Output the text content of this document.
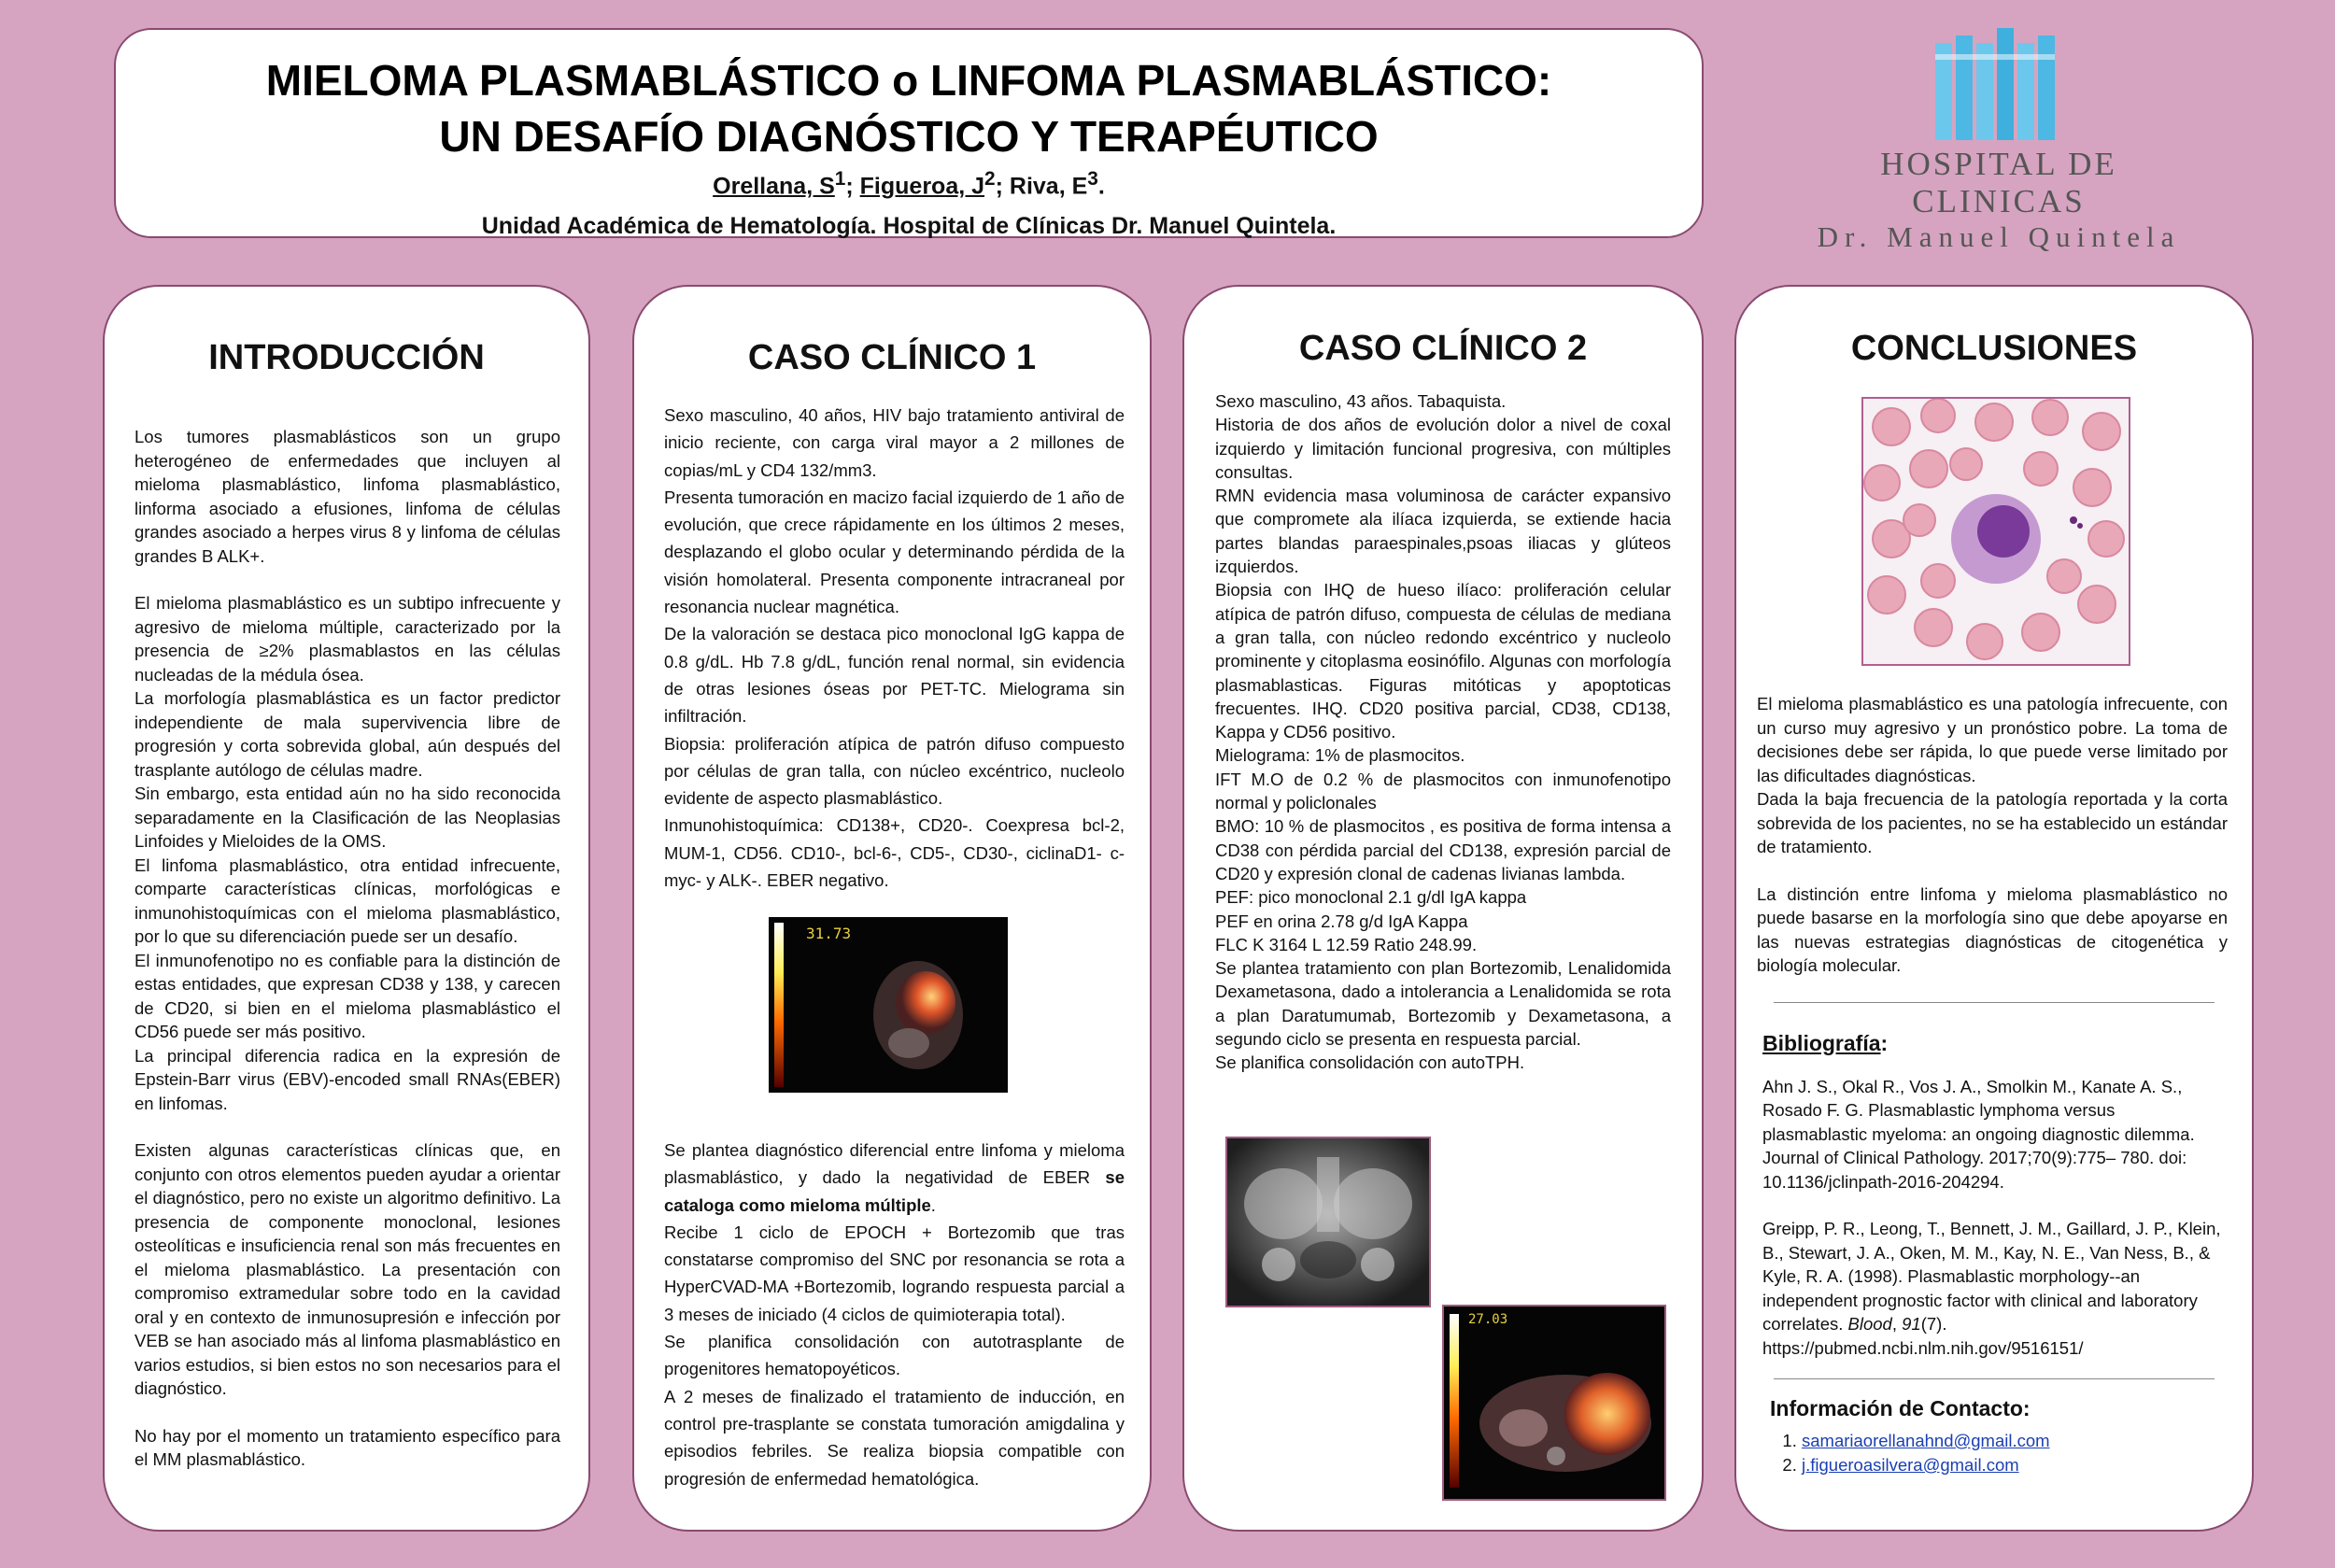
MIELOMA PLASMABLÁSTICO o LINFOMA PLASMABLÁSTICO:
UN DESAFÍO DIAGNÓSTICO Y TERAPÉUTICO
Orellana, $S^1$; Figueroa, $J^2$; Riva, $E^3$.
Unidad Académica de Hematología. Hospital de Clínicas Dr. Manuel Quintela.
HOSPITAL DE CLINICAS
Dr. Manuel Quintela
INTRODUCCIÓN

Los tumores plasmablásticos son un grupo heterogéneo de enfermedades que incluyen al mieloma plasmablástico, linfoma plasmablástico, linforma asociado a efusiones, linfoma de células grandes asociado a herpes virus 8 y linfoma de células grandes B ALK+.

El mieloma plasmablástico es un subtipo infrecuente y agresivo de mieloma múltiple, caracterizado por la presencia de ≥2% plasmablastos en las células nucleadas de la médula ósea.

La morfología plasmablástica es un factor predictor independiente de mala supervivencia libre de progresión y corta sobrevida global, aún después del trasplante autólogo de células madre.

Sin embargo, esta entidad aún no ha sido reconocida separadamente en la Clasificación de las Neoplasias Linfoides y Mieloides de la OMS.

El linfoma plasmablástico, otra entidad infrecuente, comparte características clínicas, morfológicas e inmunohistoquímicas con el mieloma plasmablástico, por lo que su diferenciación puede ser un desafío.

El inmunofenotipo no es confiable para la distinción de estas entidades, que expresan CD38 y 138, y carecen de CD20, si bien en el mieloma plasmablástico el CD56 puede ser más positivo.

La principal diferencia radica en la expresión de Epstein-Barr virus (EBV)-encoded small RNAs(EBER) en linfomas.

Existen algunas características clínicas que, en conjunto con otros elementos pueden ayudar a orientar el diagnóstico, pero no existe un algoritmo definitivo. La presencia de componente monoclonal, lesiones osteolíticas e insuficiencia renal son más frecuentes en el mieloma plasmablástico. La presentación con compromiso extramedular sobre todo en la cavidad oral y en contexto de inmunosupresión e infección por VEB se han asociado más al linfoma plasmablástico en varios estudios, si bien estos no son necesarios para el diagnóstico.

No hay por el momento un tratamiento específico para el MM plasmablástico.

CASO CLÍNICO 1

Sexo masculino, 40 años, HIV bajo tratamiento antiviral de inicio reciente, con carga viral mayor a 2 millones de copias/mL y CD4 132/mm3.

Presenta tumoración en macizo facial izquierdo de 1 año de evolución, que crece rápidamente en los últimos 2 meses, desplazando el globo ocular y determinando pérdida de la visión homolateral. Presenta componente intracraneal por resonancia nuclear magnética.

De la valoración se destaca pico monoclonal IgG kappa de 0.8 g/dL. Hb 7.8 g/dL, función renal normal, sin evidencia de otras lesiones óseas por PET-TC. Mielograma sin infiltración.

Biopsia: proliferación atípica de patrón difuso compuesto por células de gran talla, con núcleo excéntrico, nucleolo evidente de aspecto plasmablástico.

Inmunohistoquímica: CD138+, CD20-. Coexpresa bcl-2, MUM-1, CD56. CD10-, bcl-6-, CD5-, CD30-, ciclinaD1- c-myc- y ALK-. EBER negativo.

31.73

Se plantea diagnóstico diferencial entre linfoma y mieloma plasmablástico, y dado la negatividad de EBER se cataloga como mieloma múltiple.

Recibe 1 ciclo de EPOCH + Bortezomib que tras constatarse compromiso del SNC por resonancia se rota a HyperCVAD-MA +Bortezomib, logrando respuesta parcial a 3 meses de iniciado (4 ciclos de quimioterapia total).

Se planifica consolidación con autotrasplante de progenitores hematopoyéticos.

A 2 meses de finalizado el tratamiento de inducción, en control pre-trasplante se constata tumoración amigdalina y episodios febriles. Se realiza biopsia compatible con progresión de enfermedad hematológica.

CASO CLÍNICO 2

Sexo masculino, 43 años. Tabaquista.

Historia de dos años de evolución dolor a nivel de coxal izquierdo y limitación funcional progresiva, con múltiples consultas.

RMN evidencia masa voluminosa de carácter expansivo que compromete ala ilíaca izquierda, se extiende hacia partes blandas paraespinales,psoas iliacas y glúteos izquierdos.

Biopsia con IHQ de hueso ilíaco: proliferación celular atípica de patrón difuso, compuesta de células de mediana a gran talla, con núcleo redondo excéntrico y nucleolo prominente y citoplasma eosinófilo. Algunas con morfología plasmablasticas. Figuras mitóticas y apoptoticas frecuentes. IHQ. CD20 positiva parcial, CD38, CD138, Kappa y CD56 positivo.

Mielograma: 1% de plasmocitos.

IFT M.O de 0.2 % de plasmocitos con inmunofenotipo normal y policlonales

BMO: 10 % de plasmocitos , es positiva de forma intensa a CD38 con pérdida parcial del CD138, expresión parcial de CD20 y expresión clonal de cadenas livianas lambda.

PEF: pico monoclonal 2.1 g/dl IgA kappa

PEF en orina 2.78 g/d IgA Kappa

FLC K 3164 L 12.59 Ratio 248.99.

Se plantea tratamiento con plan Bortezomib, Lenalidomida Dexametasona, dado a intolerancia a Lenalidomida se rota a plan Daratumumab, Bortezomib y Dexametasona, a segundo ciclo se presenta en respuesta parcial.

Se planifica consolidación con autoTPH.

27.03
CONCLUSIONES

El mieloma plasmablástico es una patología infrecuente, con un curso muy agresivo y un pronóstico pobre. La toma de decisiones debe ser rápida, lo que puede verse limitado por las dificultades diagnósticas.

Dada la baja frecuencia de la patología reportada y la corta sobrevida de los pacientes, no se ha establecido un estándar de tratamiento.

La distinción entre linfoma y mieloma plasmablástico no puede basarse en la morfología sino que debe apoyarse en las nuevas estrategias diagnósticas de citogenética y biología molecular.

Bibliografía:

Ahn J. S., Okal R., Vos J. A., Smolkin M., Kanate A. S., Rosado F. G. Plasmablastic lymphoma versus plasmablastic myeloma: an ongoing diagnostic dilemma. Journal of Clinical Pathology. 2017;70(9):775– 780. doi: 10.1136/jclinpath-2016-204294.

Greipp, P. R., Leong, T., Bennett, J. M., Gaillard, J. P., Klein, B., Stewart, J. A., Oken, M. M., Kay, N. E., Van Ness, B., & Kyle, R. A. (1998). Plasmablastic morphology--an independent prognostic factor with clinical and laboratory correlates. Blood, 91(7). https://pubmed.ncbi.nlm.nih.gov/9516151/

Información de Contacto:
1. samariaorellanahnd@gmail.com
2. j.figueroasilvera@gmail.com
